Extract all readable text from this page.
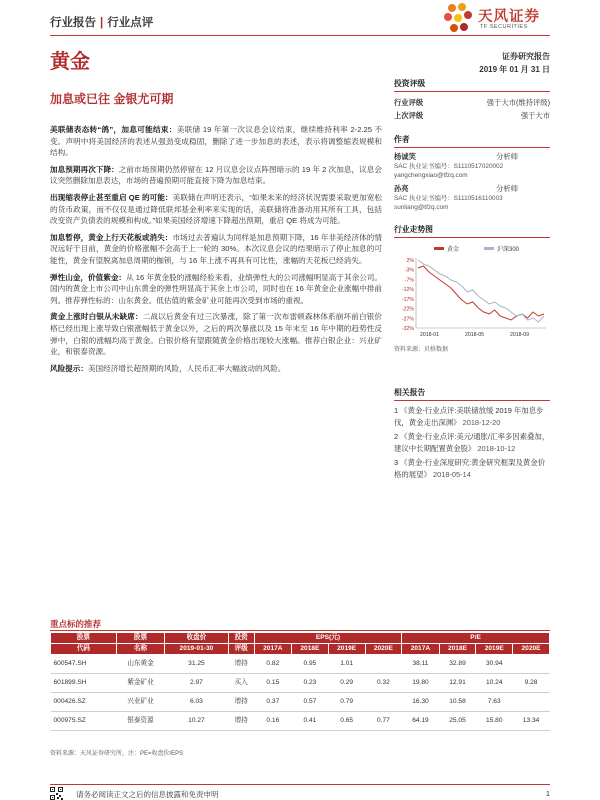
行业报告 | 行业点评	天风证券
TF SECURITIES
黄金	证券研究报告
2019 年 01 月 31 日
加息或已往 金银尤可期

美联储表态转“鸽”，加息可能结束：美联储 19 年第一次议息会议结束，继续维持利率 2-2.25 不变。声明中将美国经济的表述从强劲变成稳固，删除了进一步加息的表述，表示将调整缩表规模和结构。

加息预期再次下降：之前市场预期仍然停留在 12 月议息会议点阵图暗示的 19 年 2 次加息，议息会议突然删除加息表达，市场的普遍预期可能直接下降为加息结束。

出现缩表停止甚至重启 QE 的可能：美联储在声明还表示，“如果未来的经济状况需要采取更加宽松的货币政策，而不仅仅是通过降低联邦基金利率来实现的话，美联储将准备动用其所有工具，包括改变资产负债表的规模和构成。”如果美国经济增速下降超出预期，重启 QE 将成为可能。

加息暂停，黄金上行天花板或消失：市场过去普遍认为同样是加息预期下降，16 年非美经济体的情况远好于目前，黄金的价格涨幅不会高于上一轮的 30%。本次议息会议的结果暗示了停止加息的可能性，黄金有望脱离加息周期的枷锁，与 16 年上涨不再具有可比性，涨幅的天花板已经消失。

弹性山金，价值紫金：从 16 年黄金股的涨幅经验来看，业绩弹性大的公司涨幅明显高于其余公司。国内的黄金上市公司中山东黄金的弹性明显高于其余上市公司，同时也在 16 年黄金企业涨幅中排前列。推荐弹性标的：山东黄金。低估值的紫金矿业可能再次受到市场的重视。

黄金上涨时白银从未缺席：二战以后黄金有过三次暴涨，除了第一次布雷顿森林体系崩坏前白银价格已经出现上涨导致白银涨幅低于黄金以外，之后的两次暴涨以及 15 年末至 16 年中期的趋势性反弹中，白银的涨幅均高于黄金。白银价格有望跟随黄金价格出现较大涨幅。推荐白银企业：兴业矿业，和银泰资源。

风险提示：美国经济增长超预期的风险，人民币汇率大幅波动的风险。

投资评级
行业评级	强于大市(维持评级)
上次评级	强于大市
作者
杨诚笑	分析师
SAC 执业证书编号：S1110517020002
yangchengxiao@tfzq.com
孙亮	分析师
SAC 执业证书编号：S1110516110003
sunliang@tfzq.com
行业走势图
黄金	沪深300
2%
-3%
-7%
-12%
-17%
-22%
-27%
-32%
2018-01	2018-05	2018-09
资料来源：贝格数据
相关报告
1 《黄金-行业点评:美联储放缓 2019 年加息步伐，黄金走出深渊》 2018-12-20
2 《黄金-行业点评:美元/通胀/汇率多因素叠加，建议中长期配置黄金股》 2018-10-12
3 《黄金-行业深度研究:黄金研究框架及黄金价格的展望》 2018-05-14
重点标的推荐
股票	股票	收盘价	投资	EPS(元)				P/E			
代码	名称	2019-01-30	评级	2017A	2018E	2019E	2020E	2017A	2018E	2019E	2020E
600547.SH	山东黄金	31.25	增持	0.82	0.95	1.01		38.11	32.89	30.94	
601899.SH	紫金矿业	2.97	买入	0.15	0.23	0.29	0.32	19.80	12.91	10.24	9.28
000426.SZ	兴业矿业	6.03	增持	0.37	0.57	0.79		16.30	10.58	7.63	
000975.SZ	银泰资源	10.27	增持	0.16	0.41	0.65	0.77	64.19	25.05	15.80	13.34
资料来源：天风证券研究所，注：PE=收盘价/EPS
请务必阅读正文之后的信息披露和免责申明	1
